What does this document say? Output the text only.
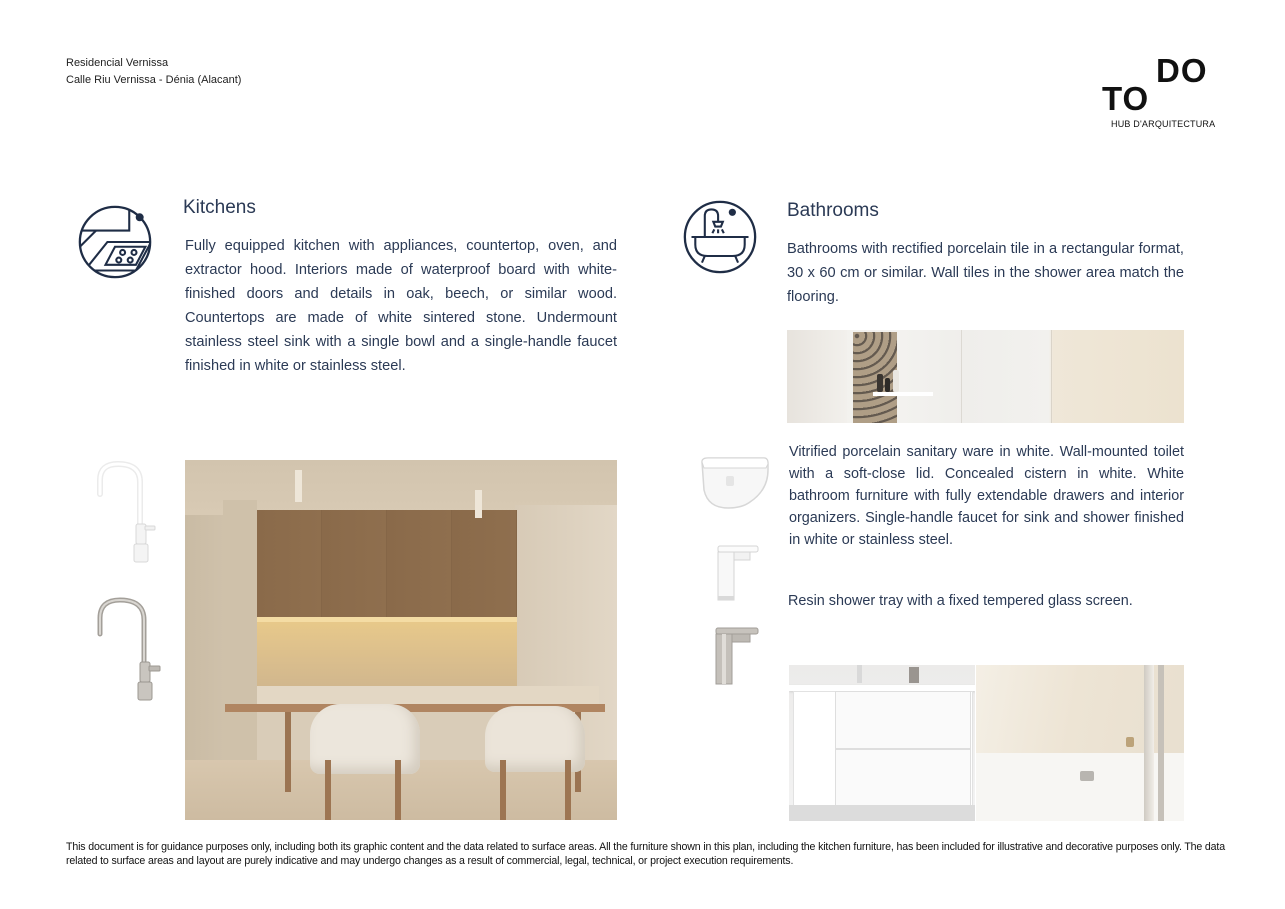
Residencial Vernissa
Calle Riu Vernissa - Dénia (Alacant)	DO
TO
HUB D'ARQUITECTURA
Kitchens
Fully equipped kitchen with appliances, countertop, oven, and extractor hood. Interiors made of waterproof board with white-finished doors and details in oak, beech, or similar wood. Countertops are made of white sintered stone. Undermount stainless steel sink with a single bowl and a single-handle faucet finished in white or stainless steel.
Bathrooms
Bathrooms with rectified porcelain tile in a rectangular format, 30 x 60 cm or similar. Wall tiles in the shower area match the flooring.
Vitrified porcelain sanitary ware in white. Wall-mounted toilet with a soft-close lid. Concealed cistern in white. White bathroom furniture with fully extendable drawers and interior organizers. Single-handle faucet for sink and shower finished in white or stainless steel.
Resin shower tray with a fixed tempered glass screen.
This document is for guidance purposes only, including both its graphic content and the data related to surface areas. All the furniture shown in this plan, including the kitchen furniture, has been included for illustrative and decorative purposes only. The data related to surface areas and layout are purely indicative and may undergo changes as a result of commercial, legal, technical, or project execution requirements.
